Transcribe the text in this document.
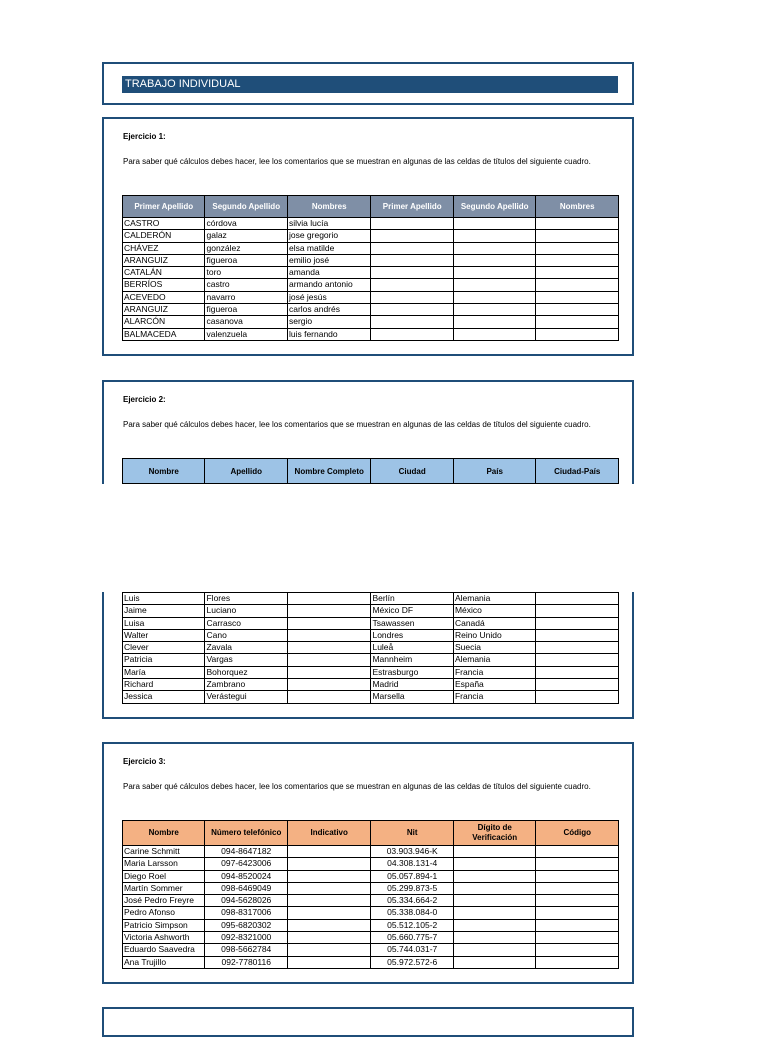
TRABAJO INDIVIDUAL
Ejercicio 1:
Para saber qué cálculos debes hacer, lee los comentarios que se muestran en algunas de las celdas de títulos del siguiente cuadro.
Primer Apellido	Segundo Apellido	Nombres	Primer Apellido	Segundo Apellido	Nombres
CASTRO	córdova	silvia lucía			
CALDERÓN	galaz	jose gregorio			
CHÁVEZ	gonzález	elsa matilde			
ARANGUIZ	figueroa	emilio josé			
CATALÁN	toro	amanda			
BERRÍOS	castro	armando antonio			
ACEVEDO	navarro	josé jesús			
ARANGUIZ	figueroa	carlos andrés			
ALARCÓN	casanova	sergio			
BALMACEDA	valenzuela	luis fernando			
Ejercicio 2:
Para saber qué cálculos debes hacer, lee los comentarios que se muestran en algunas de las celdas de títulos del siguiente cuadro.
Nombre	Apellido	Nombre Completo	Ciudad	País	Ciudad-País
Luis	Flores		Berlín	Alemania	
Jaime	Luciano		México DF	México	
Luisa	Carrasco		Tsawassen	Canadá	
Walter	Cano		Londres	Reino Unido	
Clever	Zavala		Luleå	Suecia	
Patricia	Vargas		Mannheim	Alemania	
María	Bohorquez		Estrasburgo	Francia	
Richard	Zambrano		Madrid	España	
Jessica	Verástegui		Marsella	Francia	
Ejercicio 3:
Para saber qué cálculos debes hacer, lee los comentarios que se muestran en algunas de las celdas de títulos del siguiente cuadro.
Nombre	Número telefónico	Indicativo	Nit	Dígito de Verificación	Código
Carine Schmitt	094-8647182		03.903.946-K		
Maria Larsson	097-6423006		04.308.131-4		
Diego Roel	094-8520024		05.057.894-1		
Martín Sommer	098-6469049		05.299.873-5		
José Pedro Freyre	094-5628026		05.334.664-2		
Pedro Afonso	098-8317006		05.338.084-0		
Patricio Simpson	095-6820302		05.512.105-2		
Victoria Ashworth	092-8321000		05.660.775-7		
Eduardo Saavedra	098-5662784		05.744.031-7		
Ana Trujillo	092-7780116		05.972.572-6		
